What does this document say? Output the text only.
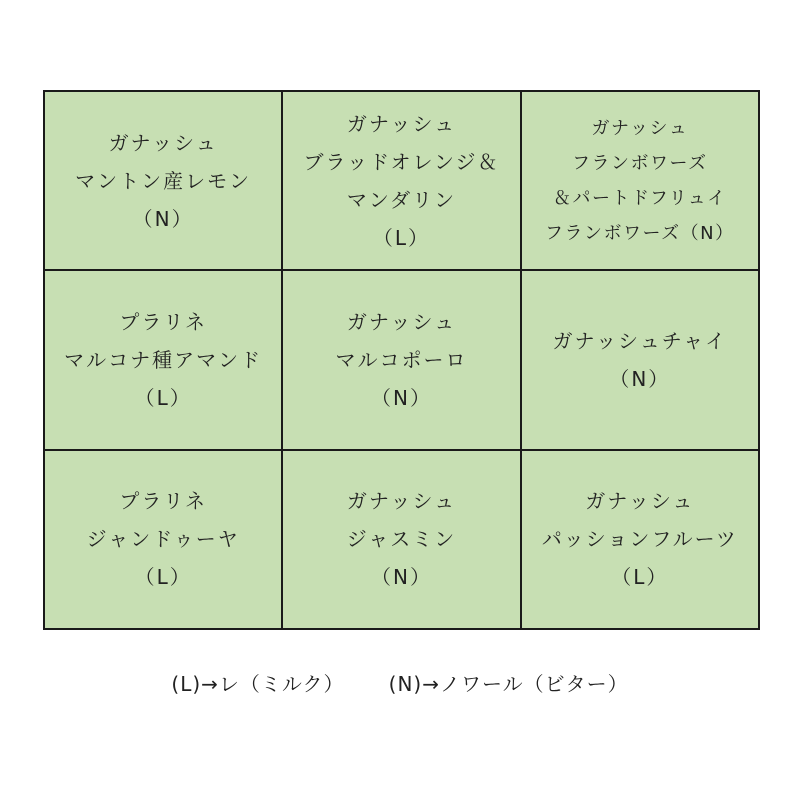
ガナッシュ
マントン産レモン
（N）
ガナッシュ
ブラッドオレンジ＆
マンダリン
（L）
ガナッシュ
フランボワーズ
＆パートドフリュイ
フランボワーズ（N）
プラリネ
マルコナ種アマンド
（L）
ガナッシュ
マルコポーロ
（N）
ガナッシュチャイ
（N）
プラリネ
ジャンドゥーヤ
（L）
ガナッシュ
ジャスミン
（N）
ガナッシュ
パッションフルーツ
（L）
(L)→レ（ミルク） (N)→ノワール（ビター）
